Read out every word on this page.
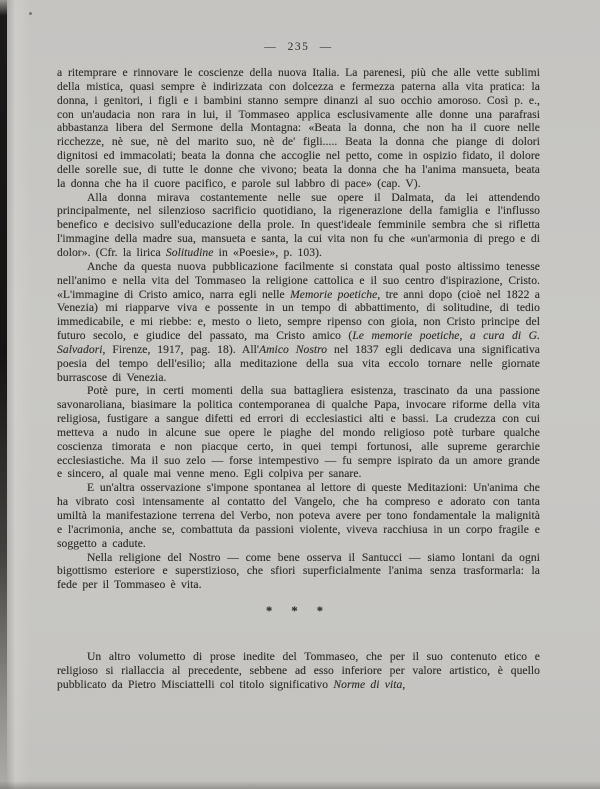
— 235 —

a ritemprare e rinnovare le coscienze della nuova Italia. La parenesi, più che alle vette sublimi della mistica, quasi sempre è indirizzata con dolcezza e fermezza paterna alla vita pratica: la donna, i genitori, i figli e i bambini stanno sempre dinanzi al suo occhio amoroso. Così p. e., con un'audacia non rara in lui, il Tommaseo applica esclusivamente alle donne una parafrasi abbastanza libera del Sermone della Montagna: «Beata la donna, che non ha il cuore nelle ricchezze, nè sue, nè del marito suo, nè de' figli..... Beata la donna che piange di dolori dignitosi ed immacolati; beata la donna che accoglie nel petto, come in ospizio fidato, il dolore delle sorelle sue, di tutte le donne che vivono; beata la donna che ha l'anima mansueta, beata la donna che ha il cuore pacifico, e parole sul labbro di pace» (cap. V).

Alla donna mirava costantemente nelle sue opere il Dalmata, da lei attendendo principalmente, nel silenzioso sacrificio quotidiano, la rigenerazione della famiglia e l'influsso benefico e decisivo sull'educazione della prole. In quest'ideale femminile sembra che si rifletta l'immagine della madre sua, mansueta e santa, la cui vita non fu che «un'armonia di prego e di dolor». (Cfr. la lirica Solitudine in «Poesie», p. 103).

Anche da questa nuova pubblicazione facilmente si constata qual posto altissimo tenesse nell'animo e nella vita del Tommaseo la religione cattolica e il suo centro d'ispirazione, Cristo. «L'immagine di Cristo amico, narra egli nelle Memorie poetiche, tre anni dopo (cioè nel 1822 a Venezia) mi riapparve viva e possente in un tempo di abbattimento, di solitudine, di tedio immedicabile, e mi riebbe: e, mesto o lieto, sempre ripenso con gioia, non Cristo principe del futuro secolo, e giudice del passato, ma Cristo amico (Le memorie poetiche, a cura di G. Salvadori, Firenze, 1917, pag. 18). All'Amico Nostro nel 1837 egli dedicava una significativa poesia del tempo dell'esilio; alla meditazione della sua vita eccolo tornare nelle giornate burrascose di Venezia.

Potè pure, in certi momenti della sua battagliera esistenza, trascinato da una passione savonaroliana, biasimare la politica contemporanea di qualche Papa, invocare riforme della vita religiosa, fustigare a sangue difetti ed errori di ecclesiastici alti e bassi. La crudezza con cui metteva a nudo in alcune sue opere le piaghe del mondo religioso potè turbare qualche coscienza timorata e non piacque certo, in quei tempi fortunosi, alle supreme gerarchie ecclesiastiche. Ma il suo zelo — forse intempestivo — fu sempre ispirato da un amore grande e sincero, al quale mai venne meno. Egli colpiva per sanare.

E un'altra osservazione s'impone spontanea al lettore di queste Meditazioni: Un'anima che ha vibrato così intensamente al contatto del Vangelo, che ha compreso e adorato con tanta umiltà la manifestazione terrena del Verbo, non poteva avere per tono fondamentale la malignità e l'acrimonia, anche se, combattuta da passioni violente, viveva racchiusa in un corpo fragile e soggetto a cadute.

Nella religione del Nostro — come bene osserva il Santucci — siamo lontani da ogni bigottismo esteriore e superstizioso, che sfiori superficialmente l'anima senza trasformarla: la fede per il Tommaseo è vita.

* * *

Un altro volumetto di prose inedite del Tommaseo, che per il suo contenuto etico e religioso si riallaccia al precedente, sebbene ad esso inferiore per valore artistico, è quello pubblicato da Pietro Misciattelli col titolo significativo Norme di vita,
